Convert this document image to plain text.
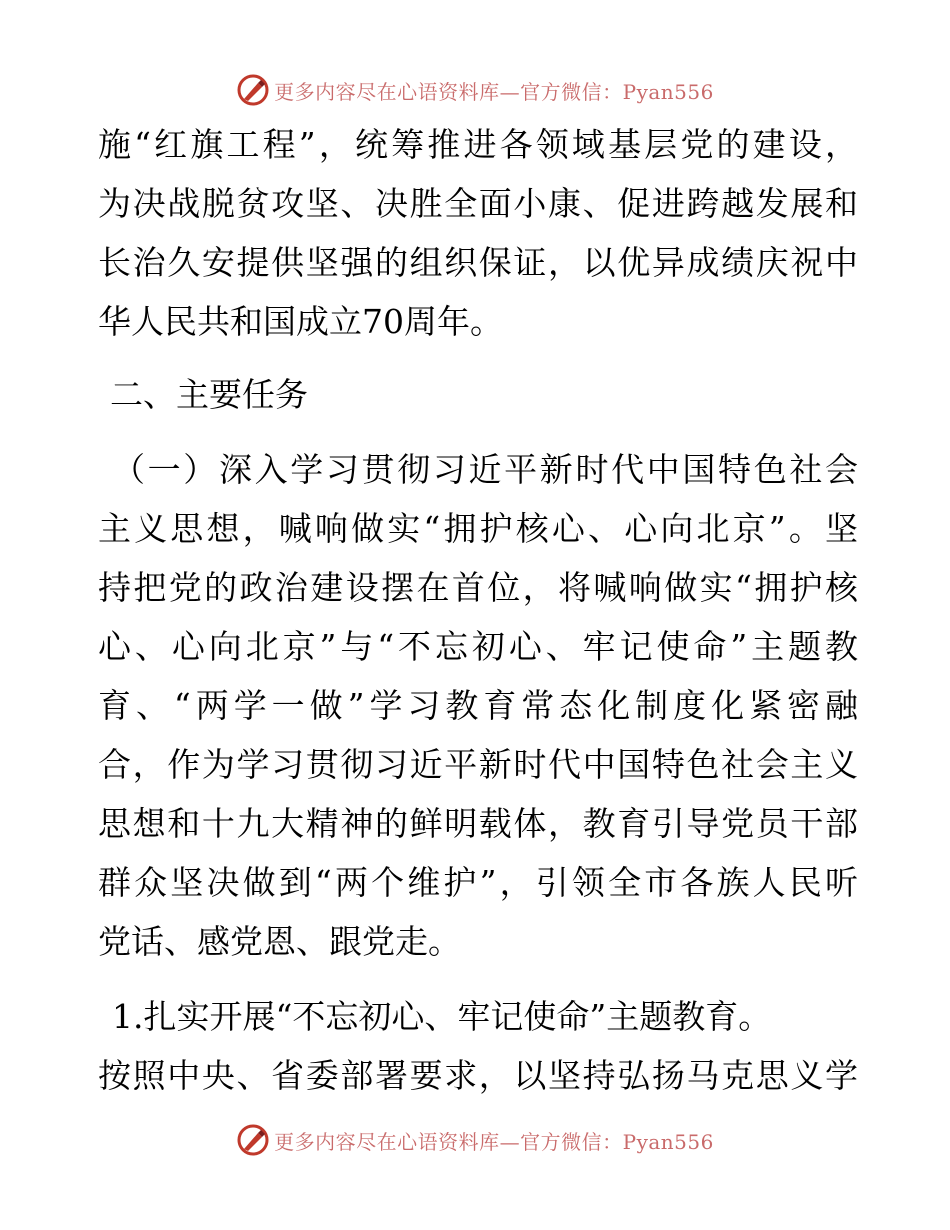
更多内容尽在心语资料库—官方微信：Pyan556
施“红旗工程”，统筹推进各领域基层党的建设，
为决战脱贫攻坚、决胜全面小康、促进跨越发展和
长治久安提供坚强的组织保证，以优异成绩庆祝中
华人民共和国成立70周年。
二、主要任务
（一）深入学习贯彻习近平新时代中国特色社会
主义思想，喊响做实“拥护核心、心向北京”。坚
持把党的政治建设摆在首位，将喊响做实“拥护核
心、心向北京”与“不忘初心、牢记使命”主题教
育、“两学一做”学习教育常态化制度化紧密融
合，作为学习贯彻习近平新时代中国特色社会主义
思想和十九大精神的鲜明载体，教育引导党员干部
群众坚决做到“两个维护”，引领全市各族人民听
党话、感党恩、跟党走。
1.扎实开展“不忘初心、牢记使命”主题教育。
按照中央、省委部署要求，以坚持弘扬马克思义学
更多内容尽在心语资料库—官方微信：Pyan556
